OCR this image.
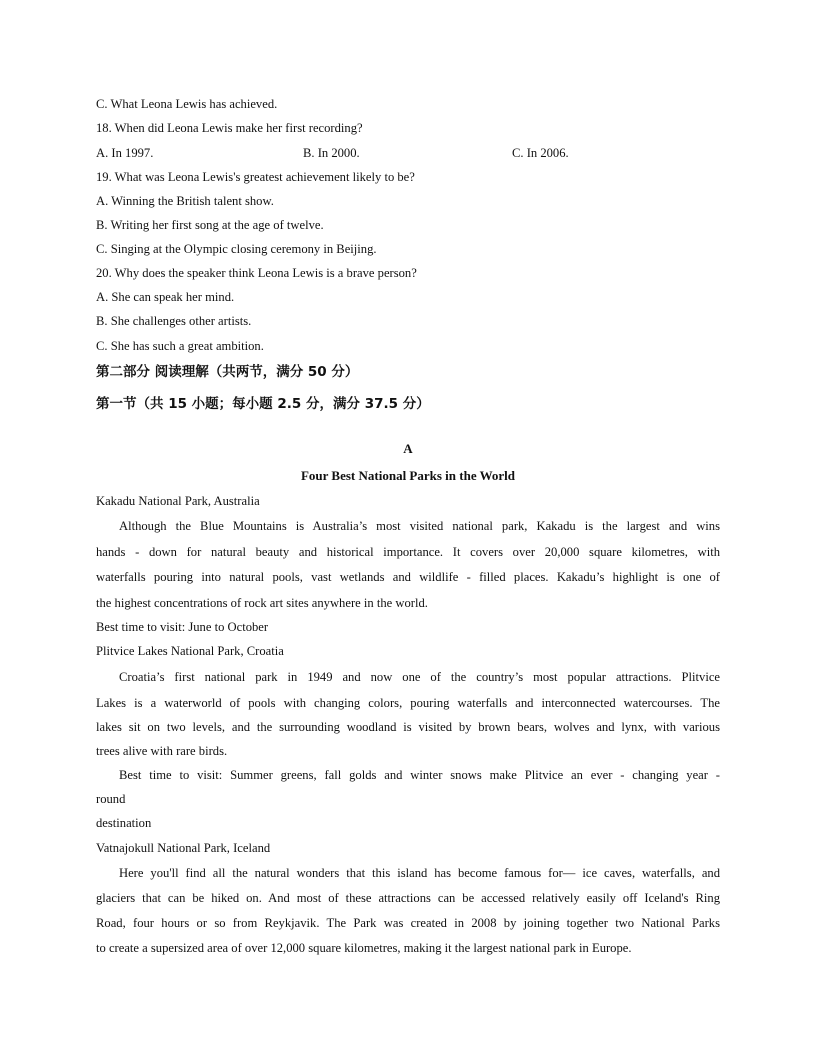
C. What Leona Lewis has achieved.
18. When did Leona Lewis make her first recording?
A. In 1997.	B. In 2000.	C. In 2006.
19. What was Leona Lewis's greatest achievement likely to be?
A. Winning the British talent show.
B. Writing her first song at the age of twelve.
C. Singing at the Olympic closing ceremony in Beijing.
20. Why does the speaker think Leona Lewis is a brave person?
A. She can speak her mind.
B. She challenges other artists.
C. She has such a great ambition.
第二部分 阅读理解（共两节，满分 50 分）
第一节（共 15 小题；每小题 2.5 分，满分 37.5 分）
A
Four Best National Parks in the World
Kakadu National Park, Australia
Although the Blue Mountains is Australia’s most visited national park, Kakadu is the largest and wins
hands - down for natural beauty and historical importance. It covers over 20,000 square kilometres, with
waterfalls pouring into natural pools, vast wetlands and wildlife - filled places. Kakadu’s highlight is one of
the highest concentrations of rock art sites anywhere in the world.
Best time to visit: June to October
Plitvice Lakes National Park, Croatia
Croatia’s first national park in 1949 and now one of the country’s most popular attractions. Plitvice
Lakes is a waterworld of pools with changing colors, pouring waterfalls and interconnected watercourses. The
lakes sit on two levels, and the surrounding woodland is visited by brown bears, wolves and lynx, with various
trees alive with rare birds.
Best time to visit: Summer greens, fall golds and winter snows make Plitvice an ever - changing year -
round
destination
Vatnajokull National Park, Iceland
Here you'll find all the natural wonders that this island has become famous for— ice caves, waterfalls, and
glaciers that can be hiked on. And most of these attractions can be accessed relatively easily off Iceland's Ring
Road, four hours or so from Reykjavik. The Park was created in 2008 by joining together two National Parks
to create a supersized area of over 12,000 square kilometres, making it the largest national park in Europe.
